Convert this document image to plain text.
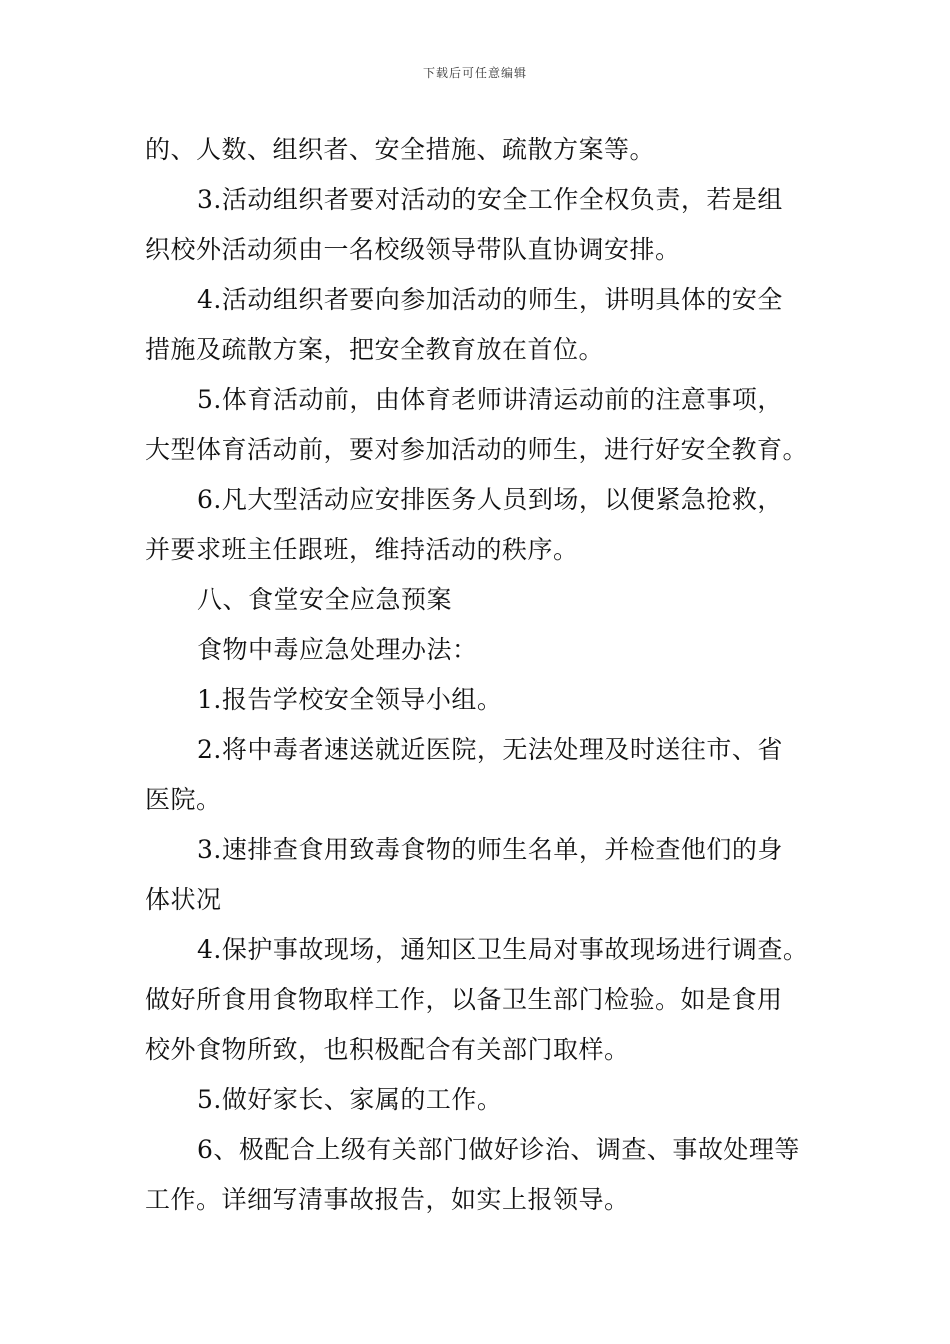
下载后可任意编辑
的、人数、组织者、安全措施、疏散方案等。
3.活动组织者要对活动的安全工作全权负责，若是组
织校外活动须由一名校级领导带队直协调安排。
4.活动组织者要向参加活动的师生，讲明具体的安全
措施及疏散方案，把安全教育放在首位。
5.体育活动前，由体育老师讲清运动前的注意事项，
大型体育活动前，要对参加活动的师生，进行好安全教育。
6.凡大型活动应安排医务人员到场，以便紧急抢救，
并要求班主任跟班，维持活动的秩序。
八、食堂安全应急预案
食物中毒应急处理办法：
1.报告学校安全领导小组。
2.将中毒者速送就近医院，无法处理及时送往市、省
医院。
3.速排查食用致毒食物的师生名单，并检查他们的身
体状况
4.保护事故现场，通知区卫生局对事故现场进行调查。
做好所食用食物取样工作，以备卫生部门检验。如是食用
校外食物所致，也积极配合有关部门取样。
5.做好家长、家属的工作。
6、极配合上级有关部门做好诊治、调查、事故处理等
工作。详细写清事故报告，如实上报领导。
